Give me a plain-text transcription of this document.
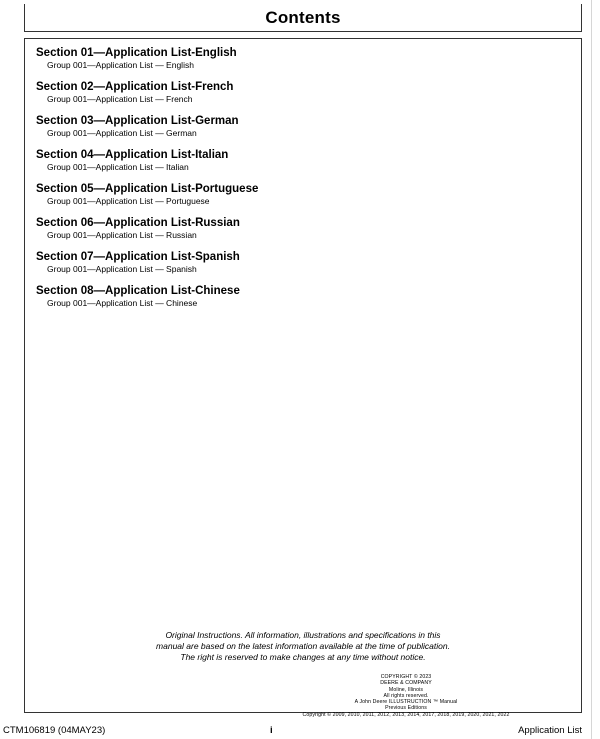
Contents
Section 01—Application List-English
Group 001—Application List — English
Section 02—Application List-French
Group 001—Application List — French
Section 03—Application List-German
Group 001—Application List — German
Section 04—Application List-Italian
Group 001—Application List — Italian
Section 05—Application List-Portuguese
Group 001—Application List — Portuguese
Section 06—Application List-Russian
Group 001—Application List — Russian
Section 07—Application List-Spanish
Group 001—Application List — Spanish
Section 08—Application List-Chinese
Group 001—Application List — Chinese
Original Instructions. All information, illustrations and specifications in this
manual are based on the latest information available at the time of publication.
The right is reserved to make changes at any time without notice.
COPYRIGHT © 2023
DEERE & COMPANY
Moline, Illinois
All rights reserved.
A John Deere ILLUSTRUCTION ™ Manual
Previous Editions
Copyright © 2009, 2010, 2011, 2012, 2013, 2014, 2017, 2018, 2019, 2020, 2021, 2022
CTM106819 (04MAY23)	i	Application List
